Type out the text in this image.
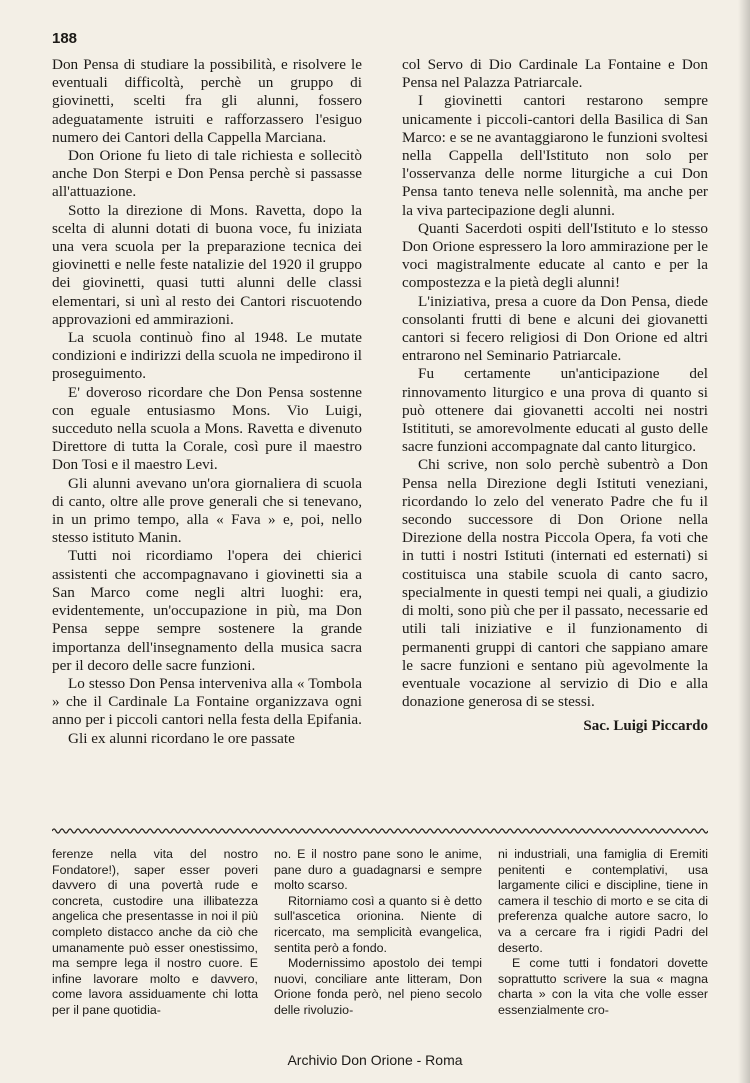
188

Don Pensa di studiare la possibilità, e risolvere le eventuali difficoltà, perchè un gruppo di giovinetti, scelti fra gli alunni, fossero adeguatamente istruiti e rafforzassero l'esiguo numero dei Cantori della Cappella Marciana.

Don Orione fu lieto di tale richiesta e sollecitò anche Don Sterpi e Don Pensa perchè si passasse all'attuazione.

Sotto la direzione di Mons. Ravetta, dopo la scelta di alunni dotati di buona voce, fu iniziata una vera scuola per la preparazione tecnica dei giovinetti e nelle feste natalizie del 1920 il gruppo dei giovinetti, quasi tutti alunni delle classi elementari, si unì al resto dei Cantori riscuotendo approvazioni ed ammirazioni.

La scuola continuò fino al 1948. Le mutate condizioni e indirizzi della scuola ne impedirono il proseguimento.

E' doveroso ricordare che Don Pensa sostenne con eguale entusiasmo Mons. Vio Luigi, succeduto nella scuola a Mons. Ravetta e divenuto Direttore di tutta la Corale, così pure il maestro Don Tosi e il maestro Levi.

Gli alunni avevano un'ora giornaliera di scuola di canto, oltre alle prove generali che si tenevano, in un primo tempo, alla « Fava » e, poi, nello stesso istituto Manin.

Tutti noi ricordiamo l'opera dei chierici assistenti che accompagnavano i giovinetti sia a San Marco come negli altri luoghi: era, evidentemente, un'occupazione in più, ma Don Pensa seppe sempre sostenere la grande importanza dell'insegnamento della musica sacra per il decoro delle sacre funzioni.

Lo stesso Don Pensa interveniva alla « Tombola » che il Cardinale La Fontaine organizzava ogni anno per i piccoli cantori nella festa della Epifania.

Gli ex alunni ricordano le ore passate

col Servo di Dio Cardinale La Fontaine e Don Pensa nel Palazza Patriarcale.

I giovinetti cantori restarono sempre unicamente i piccoli-cantori della Basilica di San Marco: e se ne avantaggiarono le funzioni svoltesi nella Cappella dell'Istituto non solo per l'osservanza delle norme liturgiche a cui Don Pensa tanto teneva nelle solennità, ma anche per la viva partecipazione degli alunni.

Quanti Sacerdoti ospiti dell'Istituto e lo stesso Don Orione espressero la loro ammirazione per le voci magistralmente educate al canto e per la compostezza e la pietà degli alunni!

L'iniziativa, presa a cuore da Don Pensa, diede consolanti frutti di bene e alcuni dei giovanetti cantori si fecero religiosi di Don Orione ed altri entrarono nel Seminario Patriarcale.

Fu certamente un'anticipazione del rinnovamento liturgico e una prova di quanto si può ottenere dai giovanetti accolti nei nostri Istitituti, se amorevolmente educati al gusto delle sacre funzioni accompagnate dal canto liturgico.

Chi scrive, non solo perchè subentrò a Don Pensa nella Direzione degli Istituti veneziani, ricordando lo zelo del venerato Padre che fu il secondo successore di Don Orione nella Direzione della nostra Piccola Opera, fa voti che in tutti i nostri Istituti (internati ed esternati) si costituisca una stabile scuola di canto sacro, specialmente in questi tempi nei quali, a giudizio di molti, sono più che per il passato, necessarie ed utili tali iniziative e il funzionamento di permanenti gruppi di cantori che sappiano amare le sacre funzioni e sentano più agevolmente la eventuale vocazione al servizio di Dio e alla donazione generosa di se stessi.

Sac. Luigi Piccardo

ferenze nella vita del nostro Fondatore!), saper esser poveri davvero di una povertà rude e concreta, custodire una illibatezza angelica che presentasse in noi il più completo distacco anche da ciò che umanamente può esser onestissimo, ma sempre lega il nostro cuore. E infine lavorare molto e davvero, come lavora assiduamente chi lotta per il pane quotidia-

no. E il nostro pane sono le anime, pane duro a guadagnarsi e sempre molto scarso.

Ritorniamo così a quanto si è detto sull'ascetica orionina. Niente di ricercato, ma semplicità evangelica, sentita però a fondo.

Modernissimo apostolo dei tempi nuovi, conciliare ante litteram, Don Orione fonda però, nel pieno secolo delle rivoluzio-

ni industriali, una famiglia di Eremiti penitenti e contemplativi, usa largamente cilici e discipline, tiene in camera il teschio di morto e se cita di preferenza qualche autore sacro, lo va a cercare fra i rigidi Padri del deserto.

E come tutti i fondatori dovette soprattutto scrivere la sua « magna charta » con la vita che volle esser essenzialmente cro-

Archivio Don Orione - Roma
